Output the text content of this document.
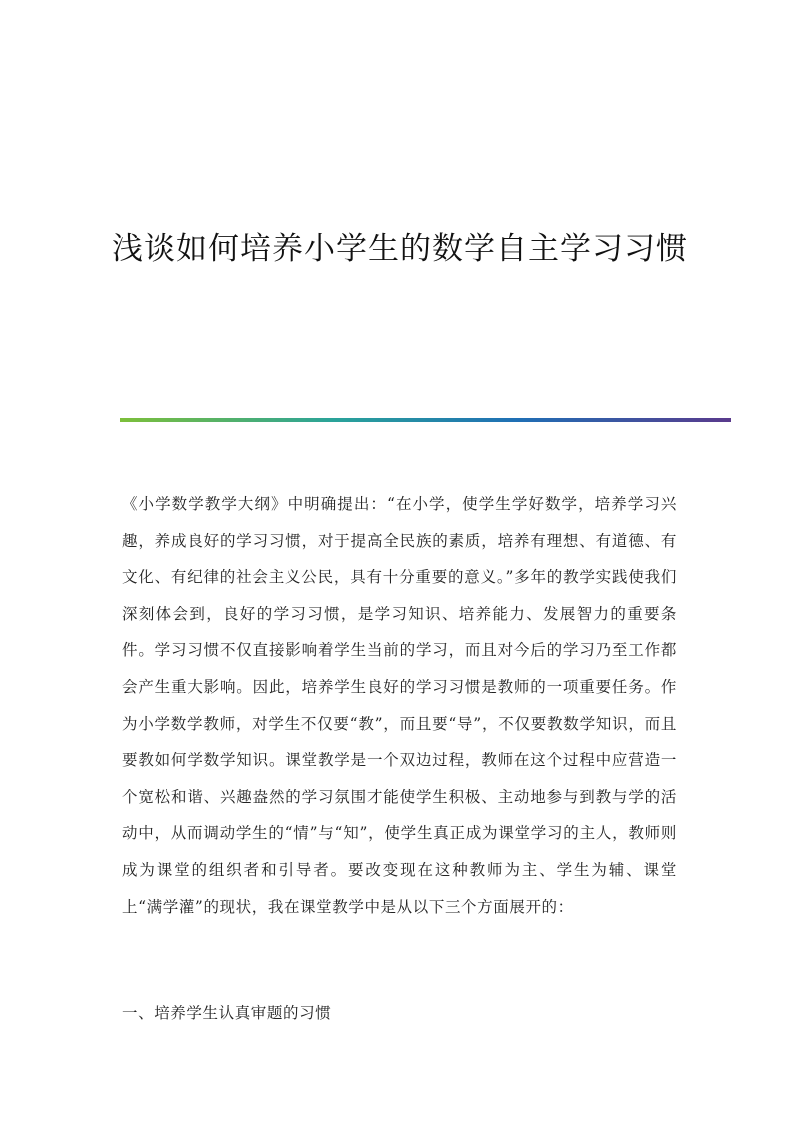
浅谈如何培养小学生的数学自主学习习惯

《小学数学教学大纲》中明确提出：“在小学，使学生学好数学，培养学习兴趣，养成良好的学习习惯，对于提高全民族的素质，培养有理想、有道德、有文化、有纪律的社会主义公民，具有十分重要的意义。”多年的教学实践使我们深刻体会到，良好的学习习惯，是学习知识、培养能力、发展智力的重要条件。学习习惯不仅直接影响着学生当前的学习，而且对今后的学习乃至工作都会产生重大影响。因此，培养学生良好的学习习惯是教师的一项重要任务。作为小学数学教师，对学生不仅要“教”，而且要“导”，不仅要教数学知识，而且要教如何学数学知识。课堂教学是一个双边过程，教师在这个过程中应营造一个宽松和谐、兴趣盎然的学习氛围才能使学生积极、主动地参与到教与学的活动中，从而调动学生的“情”与“知”，使学生真正成为课堂学习的主人，教师则成为课堂的组织者和引导者。要改变现在这种教师为主、学生为辅、课堂上“满学灌”的现状，我在课堂教学中是从以下三个方面展开的：

一、培养学生认真审题的习惯
